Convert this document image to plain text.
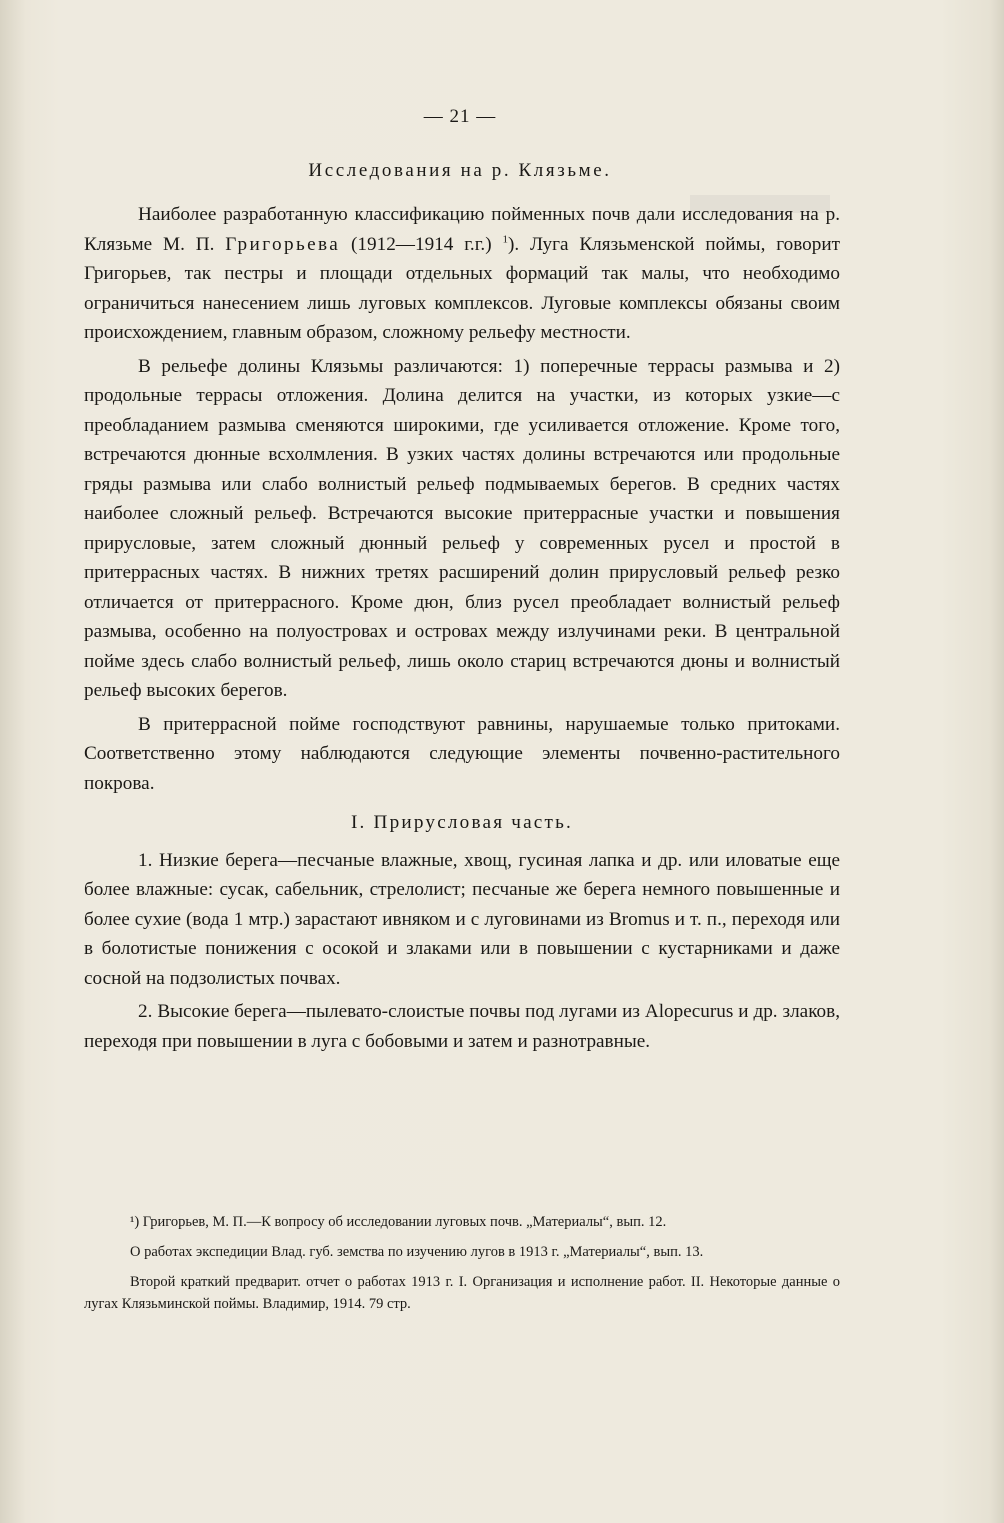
— 21 —
Исследования на р. Клязьме.

Наиболее разработанную классификацию пойменных почв дали исследования на р. Клязьме М. П. Григорьева (1912—1914 г.г.) $^1$). Луга Клязьменской поймы, говорит Григорьев, так пестры и площади отдельных формаций так малы, что необходимо ограничиться нанесением лишь луговых комплексов. Луговые комплексы обязаны своим происхождением, главным образом, сложному рельефу местности.

В рельефе долины Клязьмы различаются: 1) поперечные террасы размыва и 2) продольные террасы отложения. Долина делится на участки, из которых узкие—с преобладанием размыва сменяются широкими, где усиливается отложение. Кроме того, встречаются дюнные всхолмления. В узких частях долины встречаются или продольные гряды размыва или слабо волнистый рельеф подмываемых берегов. В средних частях наиболее сложный рельеф. Встречаются высокие притеррасные участки и повышения прирусловые, затем сложный дюнный рельеф у современных русел и простой в притеррасных частях. В нижних третях расширений долин прирусловый рельеф резко отличается от притеррасного. Кроме дюн, близ русел преобладает волнистый рельеф размыва, особенно на полуостровах и островах между излучинами реки. В центральной пойме здесь слабо волнистый рельеф, лишь около стариц встречаются дюны и волнистый рельеф высоких берегов.

В притеррасной пойме господствуют равнины, нарушаемые только притоками. Соответственно этому наблюдаются следующие элементы почвенно-растительного покрова.

I. Прирусловая часть.

1. Низкие берега—песчаные влажные, хвощ, гусиная лапка и др. или иловатые еще более влажные: сусак, сабельник, стрелолист; песчаные же берега немного повышенные и более сухие (вода 1 мтр.) зарастают ивняком и с луговинами из Bromus и т. п., переходя или в болотистые понижения с осокой и злаками или в повышении с кустарниками и даже сосной на подзолистых почвах.

2. Высокие берега—пылевато-слоистые почвы под лугами из Alopecurus и др. злаков, переходя при повышении в луга с бобовыми и затем и разнотравные.

¹) Григорьев, М. П.—К вопросу об исследовании луговых почв. „Материалы“, вып. 12.

О работах экспедиции Влад. губ. земства по изучению лугов в 1913 г. „Материалы“, вып. 13.

Второй краткий предварит. отчет о работах 1913 г. I. Организация и исполнение работ. II. Некоторые данные о лугах Клязьминской поймы. Владимир, 1914. 79 стр.
